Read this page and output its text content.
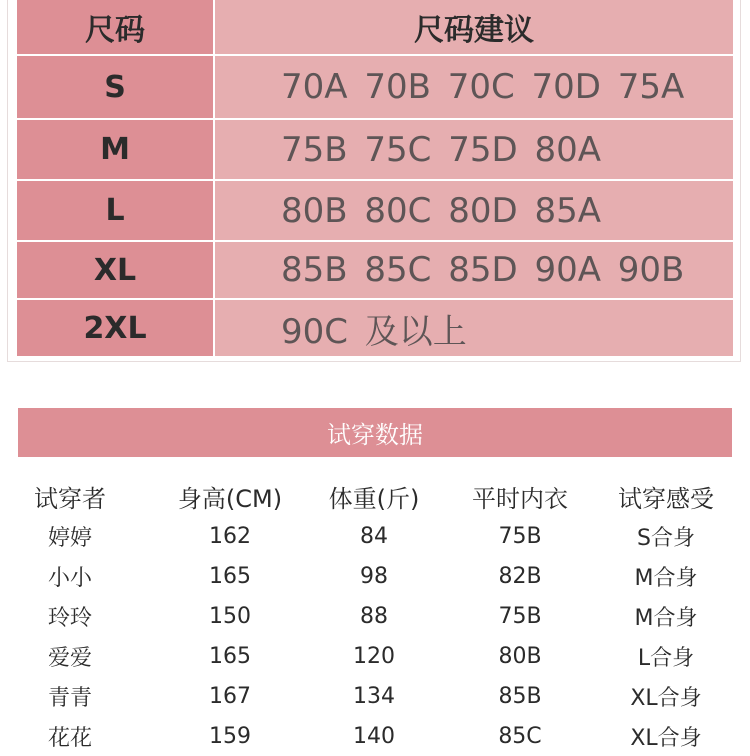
尺码	尺码建议
S	70A 70B 70C 70D 75A
M	75B 75C 75D 80A
L	80B 80C 80D 85A
XL	85B 85C 85D 90A 90B
2XL	90C 及以上
试穿数据
试穿者	身高(CM)	体重(斤)	平时内衣	试穿感受
婷婷	162	84	75B	S合身
小小	165	98	82B	M合身
玲玲	150	88	75B	M合身
爱爱	165	120	80B	L合身
青青	167	134	85B	XL合身
花花	159	140	85C	XL合身
